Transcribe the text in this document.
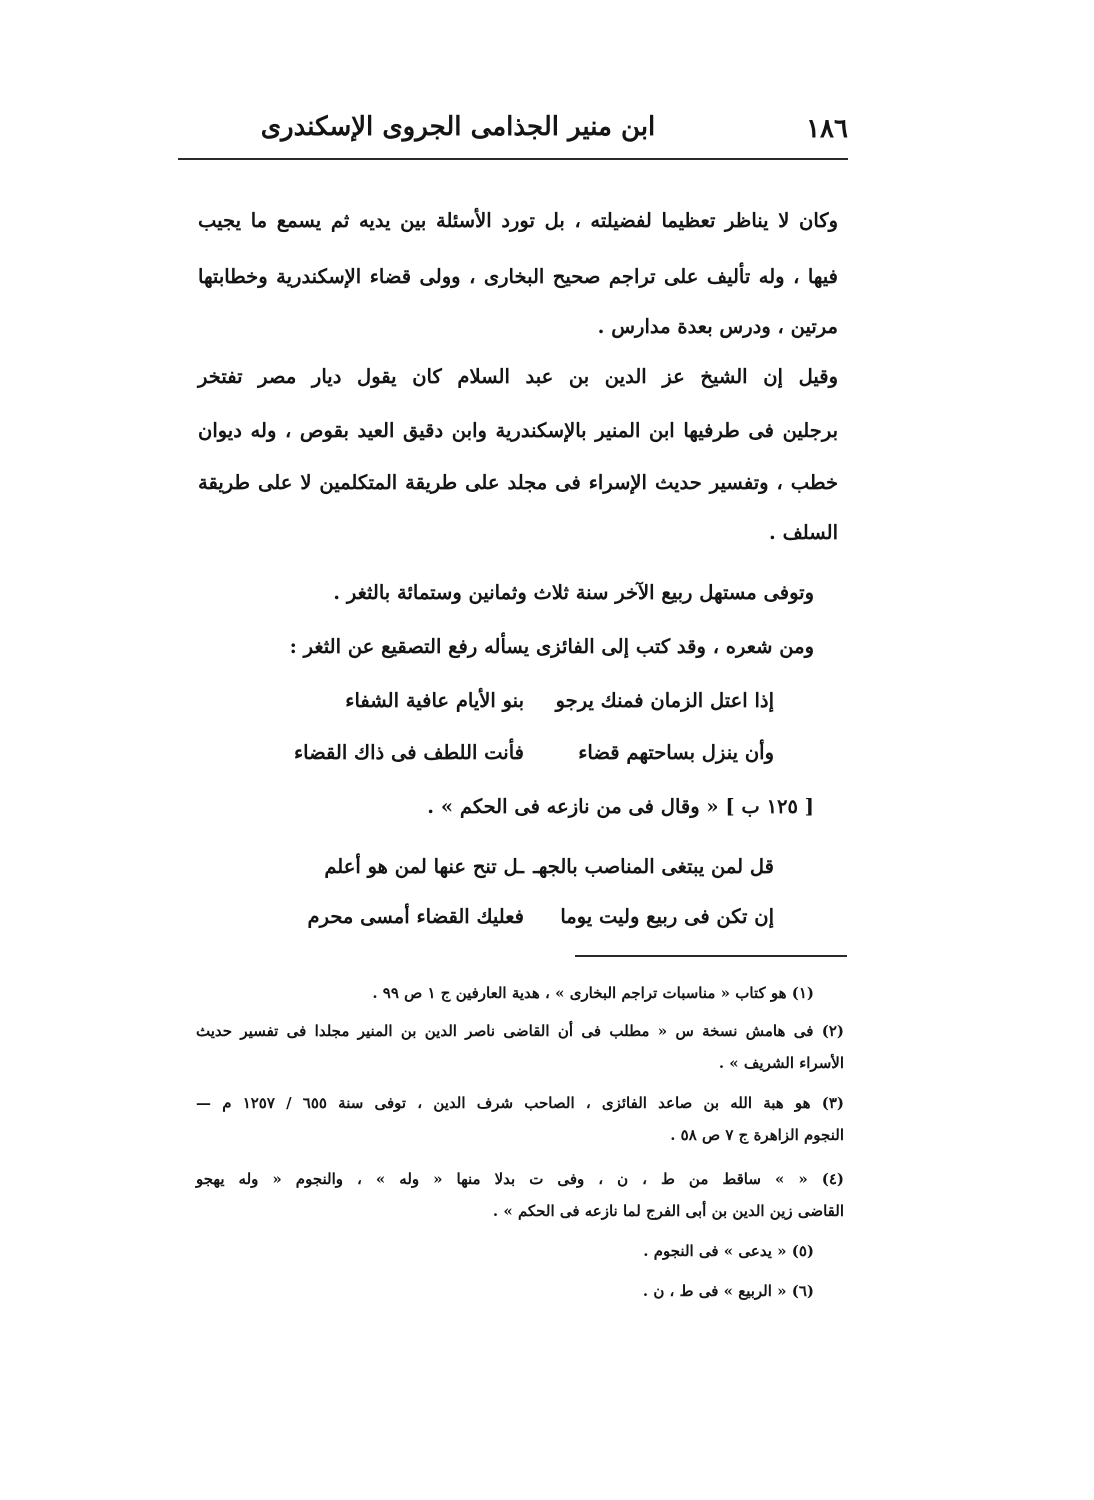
ابن منير الجذامى الجروى الإسكندرى	١٨٦
وكان لا يناظر تعظيما لفضيلته ، بل تورد الأسئلة بين يديه ثم يسمع ما يجيب
فيها ، وله تأليف على تراجم صحيح البخارى ، وولى قضاء الإسكندرية وخطابتها
مرتين ، ودرس بعدة مدارس .
وقيل إن الشيخ عز الدين بن عبد السلام كان يقول ديار مصر تفتخر
برجلين فى طرفيها ابن المنير بالإسكندرية وابن دقيق العيد بقوص ، وله ديوان
خطب ، وتفسير حديث الإسراء فى مجلد على طريقة المتكلمين لا على طريقة
السلف .
وتوفى مستهل ربيع الآخر سنة ثلاث وثمانين وستمائة بالثغر .
ومن شعره ، وقد كتب إلى الفائزى يسأله رفع التصقيع عن الثغر :
إذا اعتل الزمان فمنك يرجو
بنو الأيام عافية الشفاء
وأن ينزل بساحتهم قضاء
فأنت اللطف فى ذاك القضاء
[ ١٢٥ ب ] « وقال فى من نازعه فى الحكم » .
قل لمن يبتغى المناصب بالجهـ
ـل تنح عنها لمن هو أعلم
إن تكن فى ربيع وليت يوما
فعليك القضاء أمسى محرم
(١) هو كتاب « مناسبات تراجم البخارى » ، هدية العارفين ج ١ ص ٩٩ .
(٢) فى هامش نسخة س « مطلب فى أن القاضى ناصر الدين بن المنير مجلدا فى تفسير حديث
الأسراء الشريف » .
(٣) هو هبة الله بن صاعد الفائزى ، الصاحب شرف الدين ، توفى سنة ٦٥٥ / ١٢٥٧ م —
النجوم الزاهرة ج ٧ ص ٥٨ .
(٤) « » ساقط من ط ، ن ، وفى ت بدلا منها « وله » ، والنجوم « وله يهجو
القاضى زين الدين بن أبى الفرج لما نازعه فى الحكم » .
(٥) « يدعى » فى النجوم .
(٦) « الربيع » فى ط ، ن .
